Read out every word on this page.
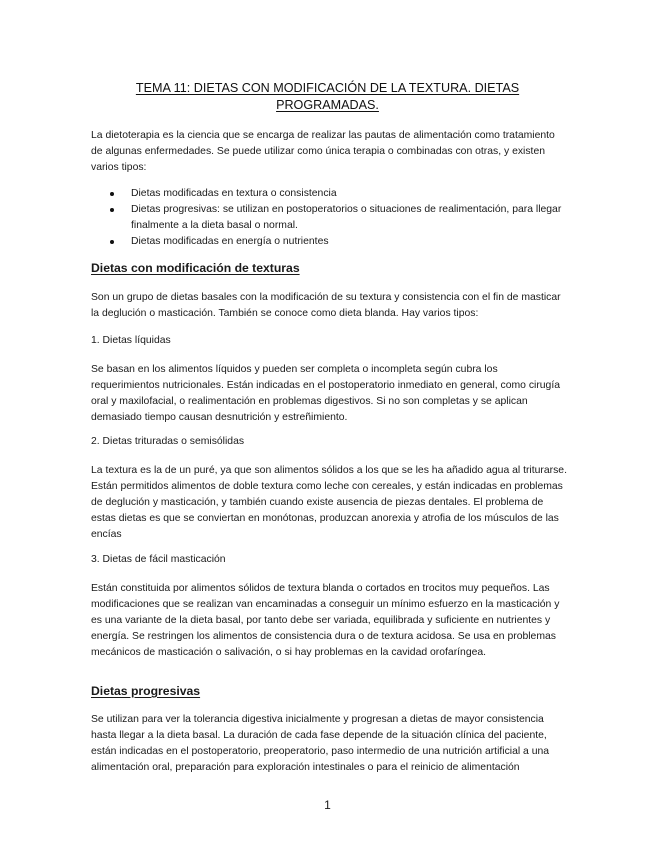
TEMA 11: DIETAS CON MODIFICACIÓN DE LA TEXTURA. DIETAS
PROGRAMADAS.

La dietoterapia es la ciencia que se encarga de realizar las pautas de alimentación como tratamiento de algunas enfermedades. Se puede utilizar como única terapia o combinadas con otras, y existen varios tipos:

Dietas modificadas en textura o consistencia
Dietas progresivas: se utilizan en postoperatorios o situaciones de realimentación, para llegar finalmente a la dieta basal o normal.
Dietas modificadas en energía o nutrientes
Dietas con modificación de texturas

Son un grupo de dietas basales con la modificación de su textura y consistencia con el fin de masticar la deglución o masticación. También se conoce como dieta blanda. Hay varios tipos:

1. Dietas líquidas

Se basan en los alimentos líquidos y pueden ser completa o incompleta según cubra los requerimientos nutricionales. Están indicadas en el postoperatorio inmediato en general, como cirugía oral y maxilofacial, o realimentación en problemas digestivos. Si no son completas y se aplican demasiado tiempo causan desnutrición y estreñimiento.

2. Dietas trituradas o semisólidas

La textura es la de un puré, ya que son alimentos sólidos a los que se les ha añadido agua al triturarse. Están permitidos alimentos de doble textura como leche con cereales, y están indicadas en problemas de deglución y masticación, y también cuando existe ausencia de piezas dentales. El problema de estas dietas es que se conviertan en monótonas, produzcan anorexia y atrofia de los músculos de las encías

3. Dietas de fácil masticación

Están constituida por alimentos sólidos de textura blanda o cortados en trocitos muy pequeños. Las modificaciones que se realizan van encaminadas a conseguir un mínimo esfuerzo en la masticación y es una variante de la dieta basal, por tanto debe ser variada, equilibrada y suficiente en nutrientes y energía. Se restringen los alimentos de consistencia dura o de textura acidosa. Se usa en problemas mecánicos de masticación o salivación, o si hay problemas en la cavidad orofaríngea.

Dietas progresivas

Se utilizan para ver la tolerancia digestiva inicialmente y progresan a dietas de mayor consistencia hasta llegar a la dieta basal. La duración de cada fase depende de la situación clínica del paciente, están indicadas en el postoperatorio, preoperatorio, paso intermedio de una nutrición artificial a una alimentación oral, preparación para exploración intestinales o para el reinicio de alimentación

1
